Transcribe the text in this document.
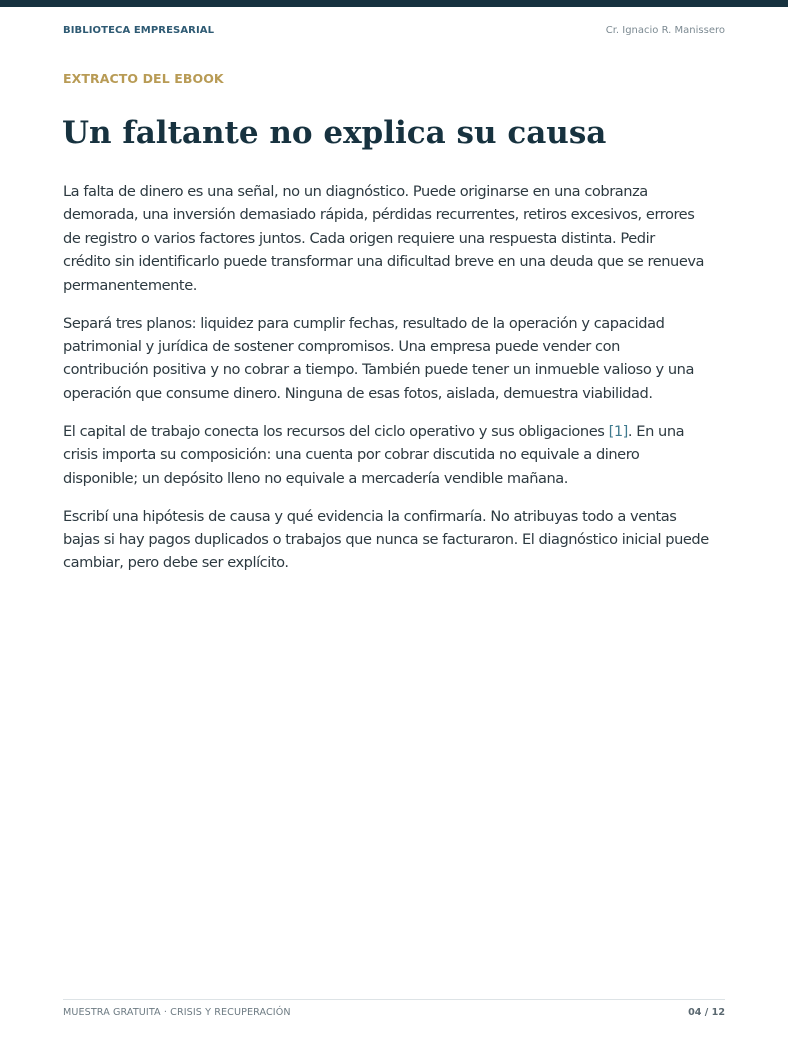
BIBLIOTECA EMPRESARIAL	Cr. Ignacio R. Manissero
EXTRACTO DEL EBOOK
Un faltante no explica su causa

La falta de dinero es una señal, no un diagnóstico. Puede originarse en una cobranza
demorada, una inversión demasiado rápida, pérdidas recurrentes, retiros excesivos, errores
de registro o varios factores juntos. Cada origen requiere una respuesta distinta. Pedir
crédito sin identificarlo puede transformar una dificultad breve en una deuda que se renueva
permanentemente.

Separá tres planos: liquidez para cumplir fechas, resultado de la operación y capacidad
patrimonial y jurídica de sostener compromisos. Una empresa puede vender con
contribución positiva y no cobrar a tiempo. También puede tener un inmueble valioso y una
operación que consume dinero. Ninguna de esas fotos, aislada, demuestra viabilidad.

El capital de trabajo conecta los recursos del ciclo operativo y sus obligaciones [1]. En una
crisis importa su composición: una cuenta por cobrar discutida no equivale a dinero
disponible; un depósito lleno no equivale a mercadería vendible mañana.

Escribí una hipótesis de causa y qué evidencia la confirmaría. No atribuyas todo a ventas
bajas si hay pagos duplicados o trabajos que nunca se facturaron. El diagnóstico inicial puede
cambiar, pero debe ser explícito.

MUESTRA GRATUITA · CRISIS Y RECUPERACIÓN	04 / 12
